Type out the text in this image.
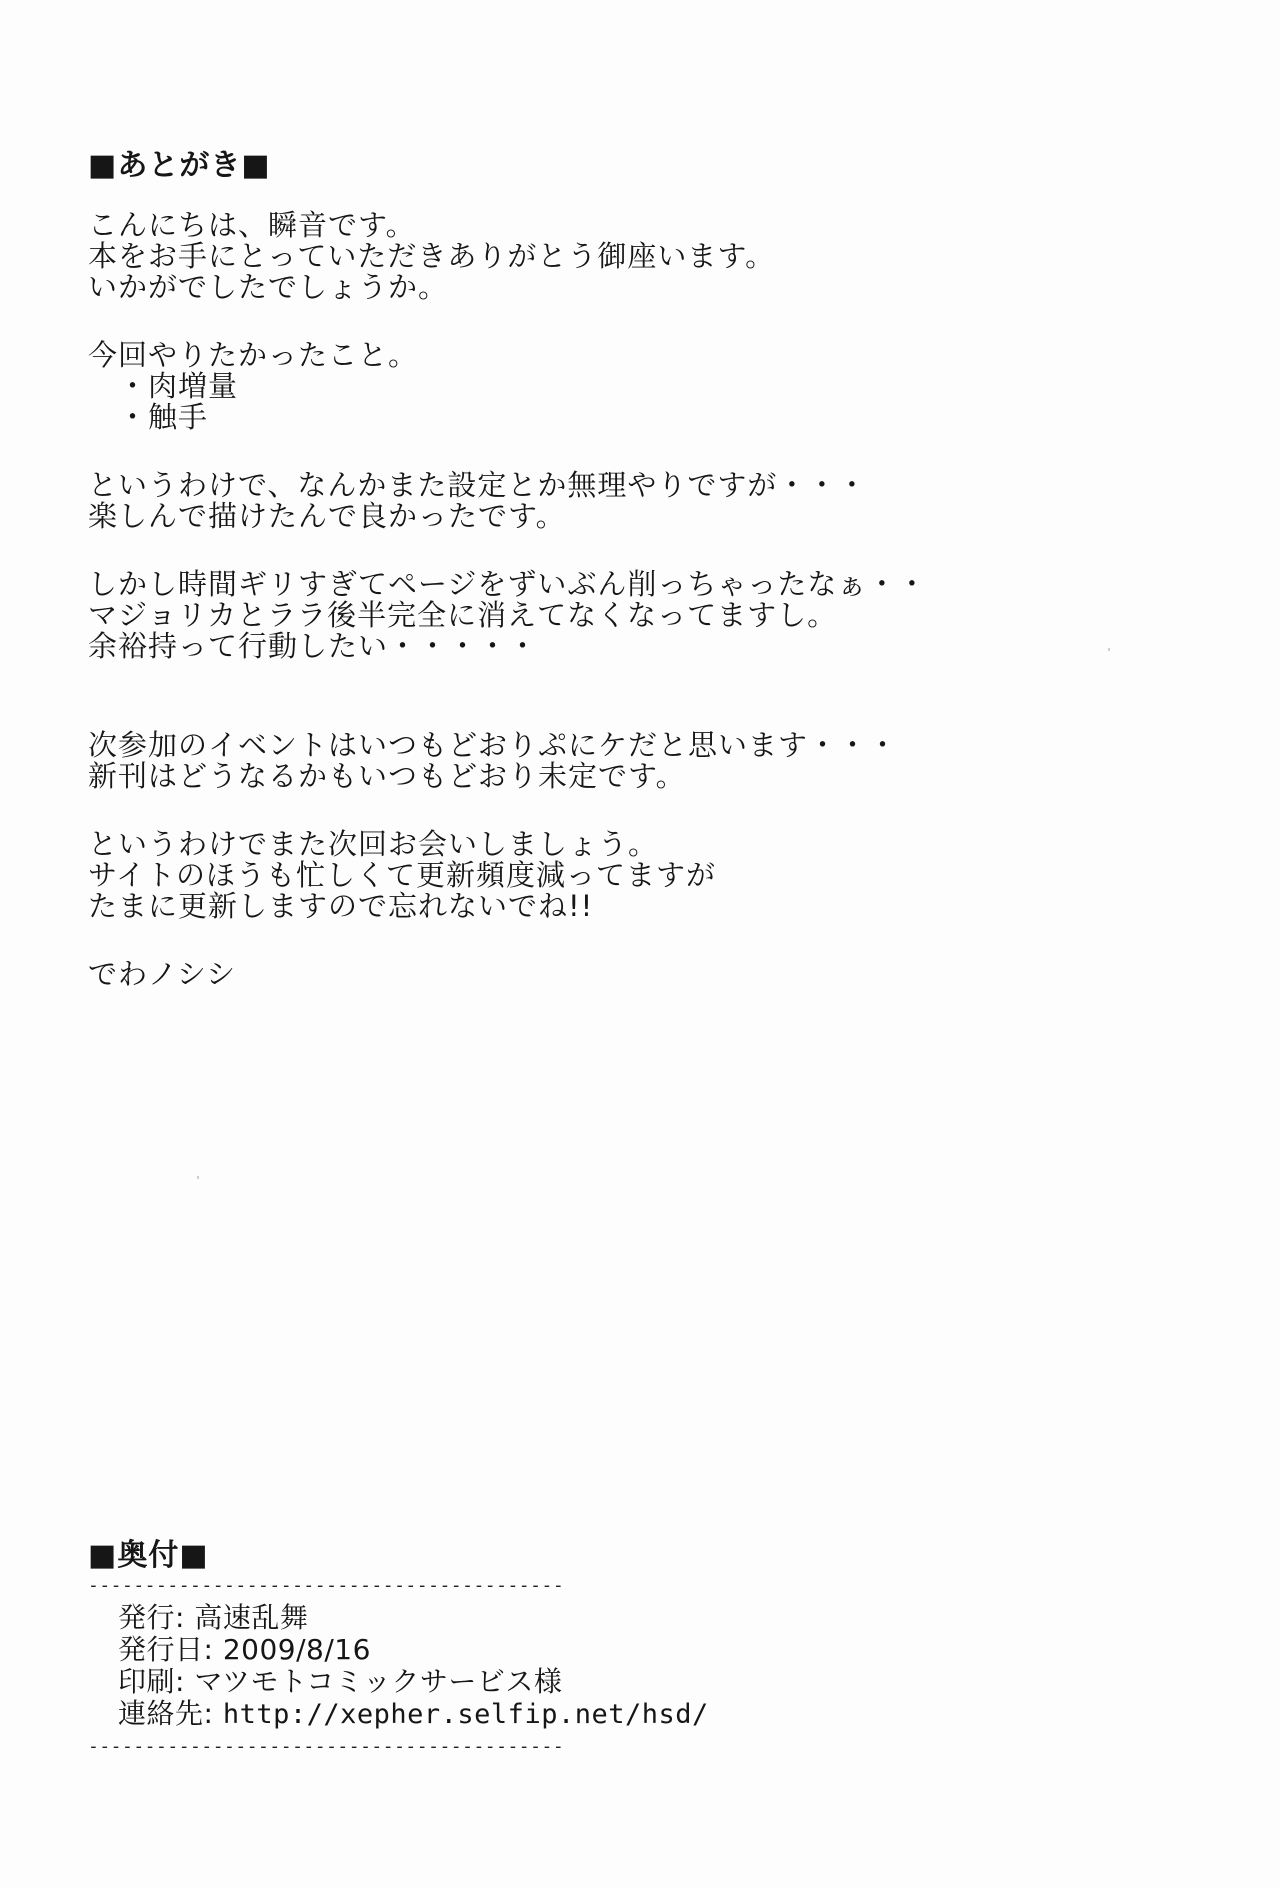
■あとがき■

こんにちは、瞬音です。
本をお手にとっていただきありがとう御座います。
いかがでしたでしょうか。

今回やりたかったこと。
・肉増量
・触手

というわけで、なんかまた設定とか無理やりですが・・・
楽しんで描けたんで良かったです。

しかし時間ギリすぎてページをずいぶん削っちゃったなぁ・・
マジョリカとララ後半完全に消えてなくなってますし。
余裕持って行動したい・・・・・

次参加のイベントはいつもどおりぷにケだと思います・・・
新刊はどうなるかもいつもどおり未定です。

というわけでまた次回お会いしましょう。
サイトのほうも忙しくて更新頻度減ってますが
たまに更新しますので忘れないでね!!

でわノシシ

■奥付■
------------------------------------------
発行: 高速乱舞
発行日: 2009/8/16
印刷: マツモトコミックサービス様
連絡先: http://xepher.selfip.net/hsd/
------------------------------------------
